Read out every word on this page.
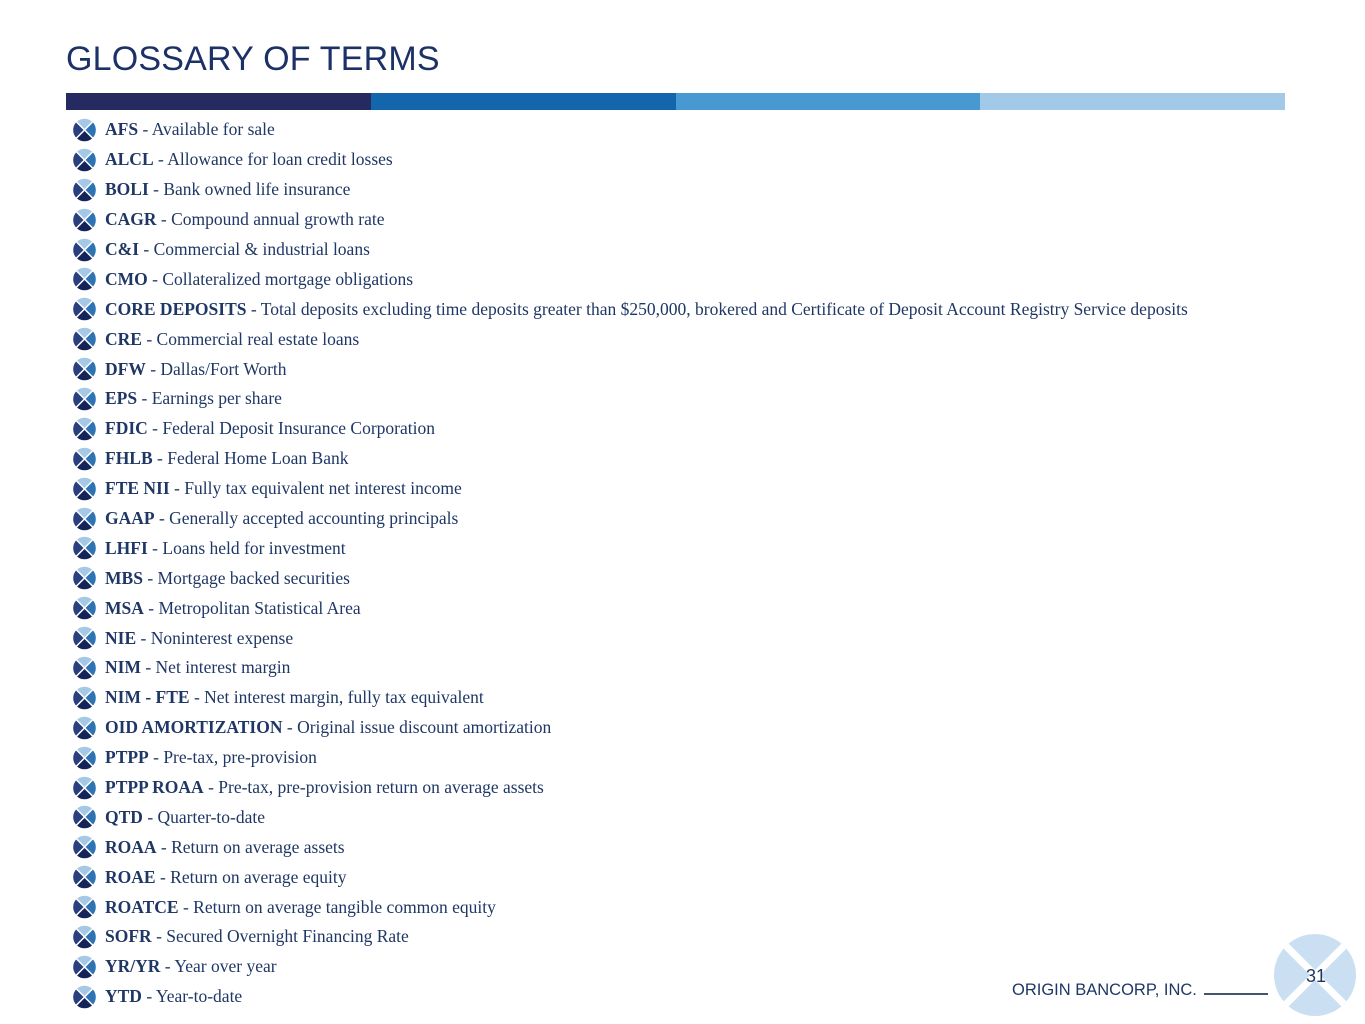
GLOSSARY OF TERMS
AFS - Available for sale
ALCL - Allowance for loan credit losses
BOLI - Bank owned life insurance
CAGR - Compound annual growth rate
C&I - Commercial & industrial loans
CMO - Collateralized mortgage obligations
CORE DEPOSITS - Total deposits excluding time deposits greater than $250,000, brokered and Certificate of Deposit Account Registry Service deposits
CRE - Commercial real estate loans
DFW - Dallas/Fort Worth
EPS - Earnings per share
FDIC - Federal Deposit Insurance Corporation
FHLB - Federal Home Loan Bank
FTE NII - Fully tax equivalent net interest income
GAAP - Generally accepted accounting principals
LHFI - Loans held for investment
MBS - Mortgage backed securities
MSA - Metropolitan Statistical Area
NIE - Noninterest expense
NIM - Net interest margin
NIM - FTE - Net interest margin, fully tax equivalent
OID AMORTIZATION - Original issue discount amortization
PTPP - Pre-tax, pre-provision
PTPP ROAA - Pre-tax, pre-provision return on average assets
QTD - Quarter-to-date
ROAA - Return on average assets
ROAE - Return on average equity
ROATCE - Return on average tangible common equity
SOFR - Secured Overnight Financing Rate
YR/YR - Year over year
YTD - Year-to-date	ORIGIN BANCORP, INC.
31
